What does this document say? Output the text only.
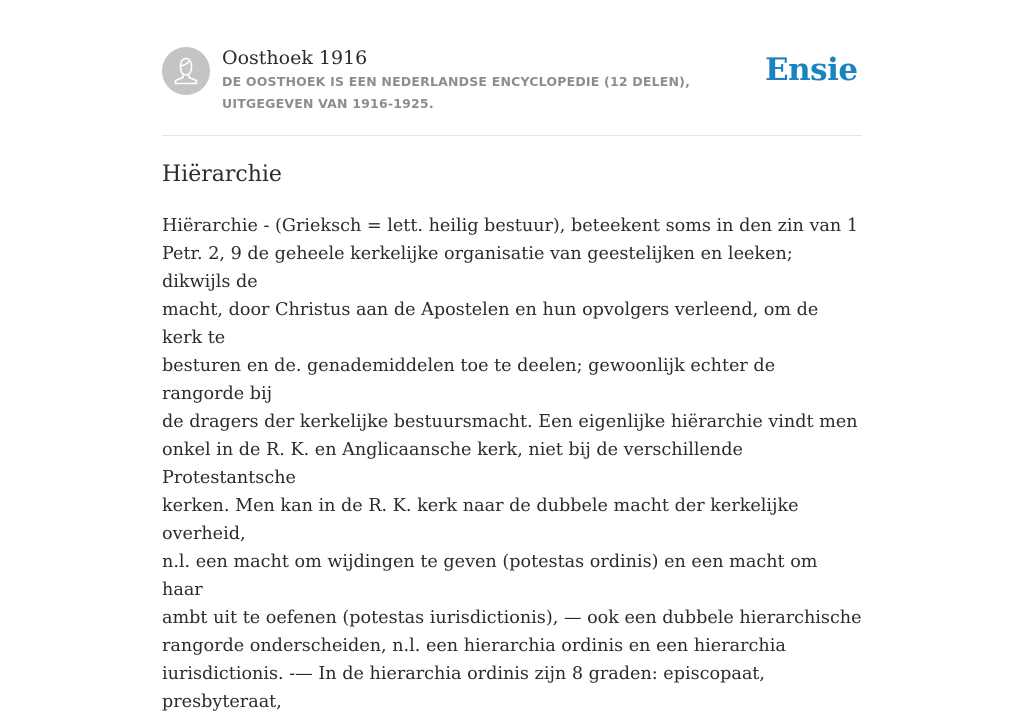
Oosthoek 1916
DE OOSTHOEK IS EEN NEDERLANDSE ENCYCLOPEDIE (12 DELEN), UITGEGEVEN VAN 1916-1925.
Ensie
Hiërarchie
Hiërarchie - (Grieksch = lett. heilig bestuur), beteekent soms in den zin van 1
Petr. 2, 9 de geheele kerkelijke organisatie van geestelijken en leeken; dikwijls de
macht, door Christus aan de Apostelen en hun opvolgers verleend, om de kerk te
besturen en de. genademiddelen toe te deelen; gewoonlijk echter de rangorde bij
de dragers der kerkelijke bestuursmacht. Een eigenlijke hiërarchie vindt men
onkel in de R. K. en Anglicaansche kerk, niet bij de verschillende Protestantsche
kerken. Men kan in de R. K. kerk naar de dubbele macht der kerkelijke overheid,
n.l. een macht om wijdingen te geven (potestas ordinis) en een macht om haar
ambt uit te oefenen (potestas iurisdictionis), — ook een dubbele hierarchische
rangorde onderscheiden, n.l. een hierarchia ordinis en een hierarchia
iurisdictionis. -— In de hierarchia ordinis zijn 8 graden: episcopaat, presbyteraat,
